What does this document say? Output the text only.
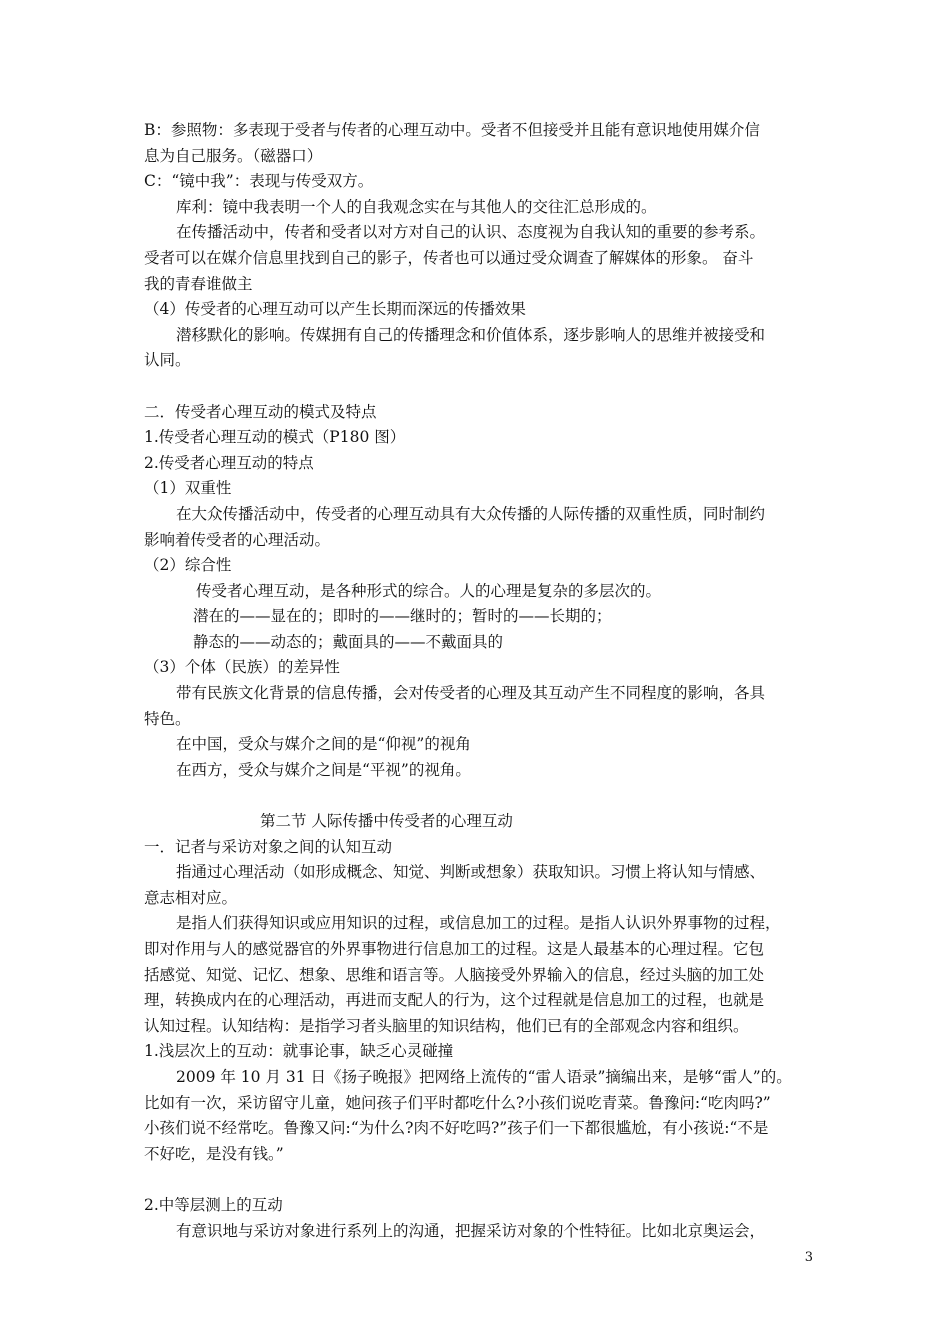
B：参照物：多表现于受者与传者的心理互动中。受者不但接受并且能有意识地使用媒介信
息为自己服务。（磁器口）
C：“镜中我”：表现与传受双方。
库利：镜中我表明一个人的自我观念实在与其他人的交往汇总形成的。
在传播活动中，传者和受者以对方对自己的认识、态度视为自我认知的重要的参考系。
受者可以在媒介信息里找到自己的影子，传者也可以通过受众调查了解媒体的形象。 奋斗
我的青春谁做主
（4）传受者的心理互动可以产生长期而深远的传播效果
潜移默化的影响。传媒拥有自己的传播理念和价值体系，逐步影响人的思维并被接受和
认同。
二．传受者心理互动的模式及特点
1.传受者心理互动的模式（P180 图）
2.传受者心理互动的特点
（1）双重性
在大众传播活动中，传受者的心理互动具有大众传播的人际传播的双重性质，同时制约
影响着传受者的心理活动。
（2）综合性
传受者心理互动，是各种形式的综合。人的心理是复杂的多层次的。
潜在的——显在的；即时的——继时的；暂时的——长期的；
静态的——动态的；戴面具的——不戴面具的
（3）个体（民族）的差异性
带有民族文化背景的信息传播，会对传受者的心理及其互动产生不同程度的影响，各具
特色。
在中国，受众与媒介之间的是“仰视”的视角
在西方，受众与媒介之间是“平视”的视角。
第二节 人际传播中传受者的心理互动
一．记者与采访对象之间的认知互动
指通过心理活动（如形成概念、知觉、判断或想象）获取知识。习惯上将认知与情感、
意志相对应。
是指人们获得知识或应用知识的过程，或信息加工的过程。是指人认识外界事物的过程，
即对作用与人的感觉器官的外界事物进行信息加工的过程。这是人最基本的心理过程。它包
括感觉、知觉、记忆、想象、思维和语言等。人脑接受外界输入的信息，经过头脑的加工处
理，转换成内在的心理活动，再进而支配人的行为，这个过程就是信息加工的过程，也就是
认知过程。认知结构：是指学习者头脑里的知识结构，他们已有的全部观念内容和组织。
1.浅层次上的互动：就事论事，缺乏心灵碰撞
2009 年 10 月 31 日《扬子晚报》把网络上流传的“雷人语录”摘编出来，是够“雷人”的。
比如有一次，采访留守儿童，她问孩子们平时都吃什么?小孩们说吃青菜。鲁豫问:“吃肉吗?”
小孩们说不经常吃。鲁豫又问:“为什么?肉不好吃吗?”孩子们一下都很尴尬，有小孩说:“不是
不好吃，是没有钱。”
2.中等层测上的互动
有意识地与采访对象进行系列上的沟通，把握采访对象的个性特征。比如北京奥运会，
3
